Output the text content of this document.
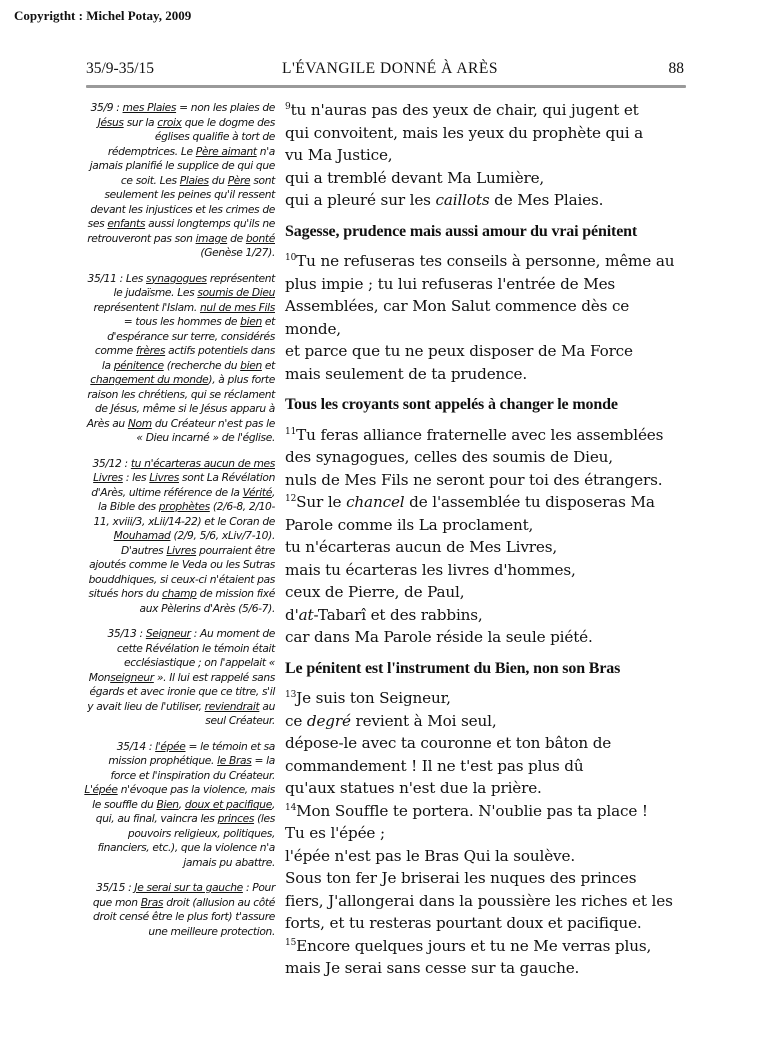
Copyrigtht : Michel Potay, 2009
35/9-35/15	L'ÉVANGILE DONNÉ À ARÈS	88
35/9 : mes Plaies = non les plaies de Jésus sur la croix que le dogme des églises qualifie à tort de rédemptrices. Le Père aimant n'a jamais planifié le supplice de qui que ce soit. Les Plaies du Père sont seulement les peines qu'il ressent devant les injustices et les crimes de ses enfants aussi longtemps qu'ils ne retrouveront pas son image de bonté (Genèse 1/27).
35/11 : Les synagogues représentent le judaïsme. Les soumis de Dieu représentent l'Islam. nul de mes Fils = tous les hommes de bien et d'espérance sur terre, considérés comme frères actifs potentiels dans la pénitence (recherche du bien et changement du monde), à plus forte raison les chrétiens, qui se réclament de Jésus, même si le Jésus apparu à Arès au Nom du Créateur n'est pas le « Dieu incarné » de l'église.
35/12 : tu n'écarteras aucun de mes Livres : les Livres sont La Révélation d'Arès, ultime référence de la Vérité, la Bible des prophètes (2/6-8, 2/10-11, xviii/3, xLii/14-22) et le Coran de Mouhamad (2/9, 5/6, xLiv/7-10). D'autres Livres pourraient être ajoutés comme le Veda ou les Sutras bouddhiques, si ceux-ci n'étaient pas situés hors du champ de mission fixé aux Pèlerins d'Arès (5/6-7).
35/13 : Seigneur : Au moment de cette Révélation le témoin était ecclésiastique ; on l'appelait « Monseigneur ». Il lui est rappelé sans égards et avec ironie que ce titre, s'il y avait lieu de l'utiliser, reviendrait au seul Créateur.
35/14 : l'épée = le témoin et sa mission prophétique. le Bras = la force et l'inspiration du Créateur. L'épée n'évoque pas la violence, mais le souffle du Bien, doux et pacifique, qui, au final, vaincra les princes (les pouvoirs religieux, politiques, financiers, etc.), que la violence n'a jamais pu abattre.
35/15 : Je serai sur ta gauche : Pour que mon Bras droit (allusion au côté droit censé être le plus fort) t'assure une meilleure protection.
$^9$tu n'auras pas des yeux de chair, qui jugent et
qui convoitent, mais les yeux du prophète qui a
vu Ma Justice,
qui a tremblé devant Ma Lumière,
qui a pleuré sur les caillots de Mes Plaies.
Sagesse, prudence mais aussi amour du vrai pénitent
$^{10}$Tu ne refuseras tes conseils à personne, même au
plus impie ; tu lui refuseras l'entrée de Mes
Assemblées, car Mon Salut commence dès ce
monde,
et parce que tu ne peux disposer de Ma Force
mais seulement de ta prudence.
Tous les croyants sont appelés à changer le monde
$^{11}$Tu feras alliance fraternelle avec les assemblées
des synagogues, celles des soumis de Dieu,
nuls de Mes Fils ne seront pour toi des étrangers.
$^{12}$Sur le chancel de l'assemblée tu disposeras Ma
Parole comme ils La proclament,
tu n'écarteras aucun de Mes Livres,
mais tu écarteras les livres d'hommes,
ceux de Pierre, de Paul,
d'at-Tabarî et des rabbins,
car dans Ma Parole réside la seule piété.
Le pénitent est l'instrument du Bien, non son Bras
$^{13}$Je suis ton Seigneur,
ce degré revient à Moi seul,
dépose-le avec ta couronne et ton bâton de
commandement ! Il ne t'est pas plus dû
qu'aux statues n'est due la prière.
$^{14}$Mon Souffle te portera. N'oublie pas ta place !
Tu es l'épée ;
l'épée n'est pas le Bras Qui la soulève.
Sous ton fer Je briserai les nuques des princes
fiers, J'allongerai dans la poussière les riches et les
forts, et tu resteras pourtant doux et pacifique.
$^{15}$Encore quelques jours et tu ne Me verras plus,
mais Je serai sans cesse sur ta gauche.
